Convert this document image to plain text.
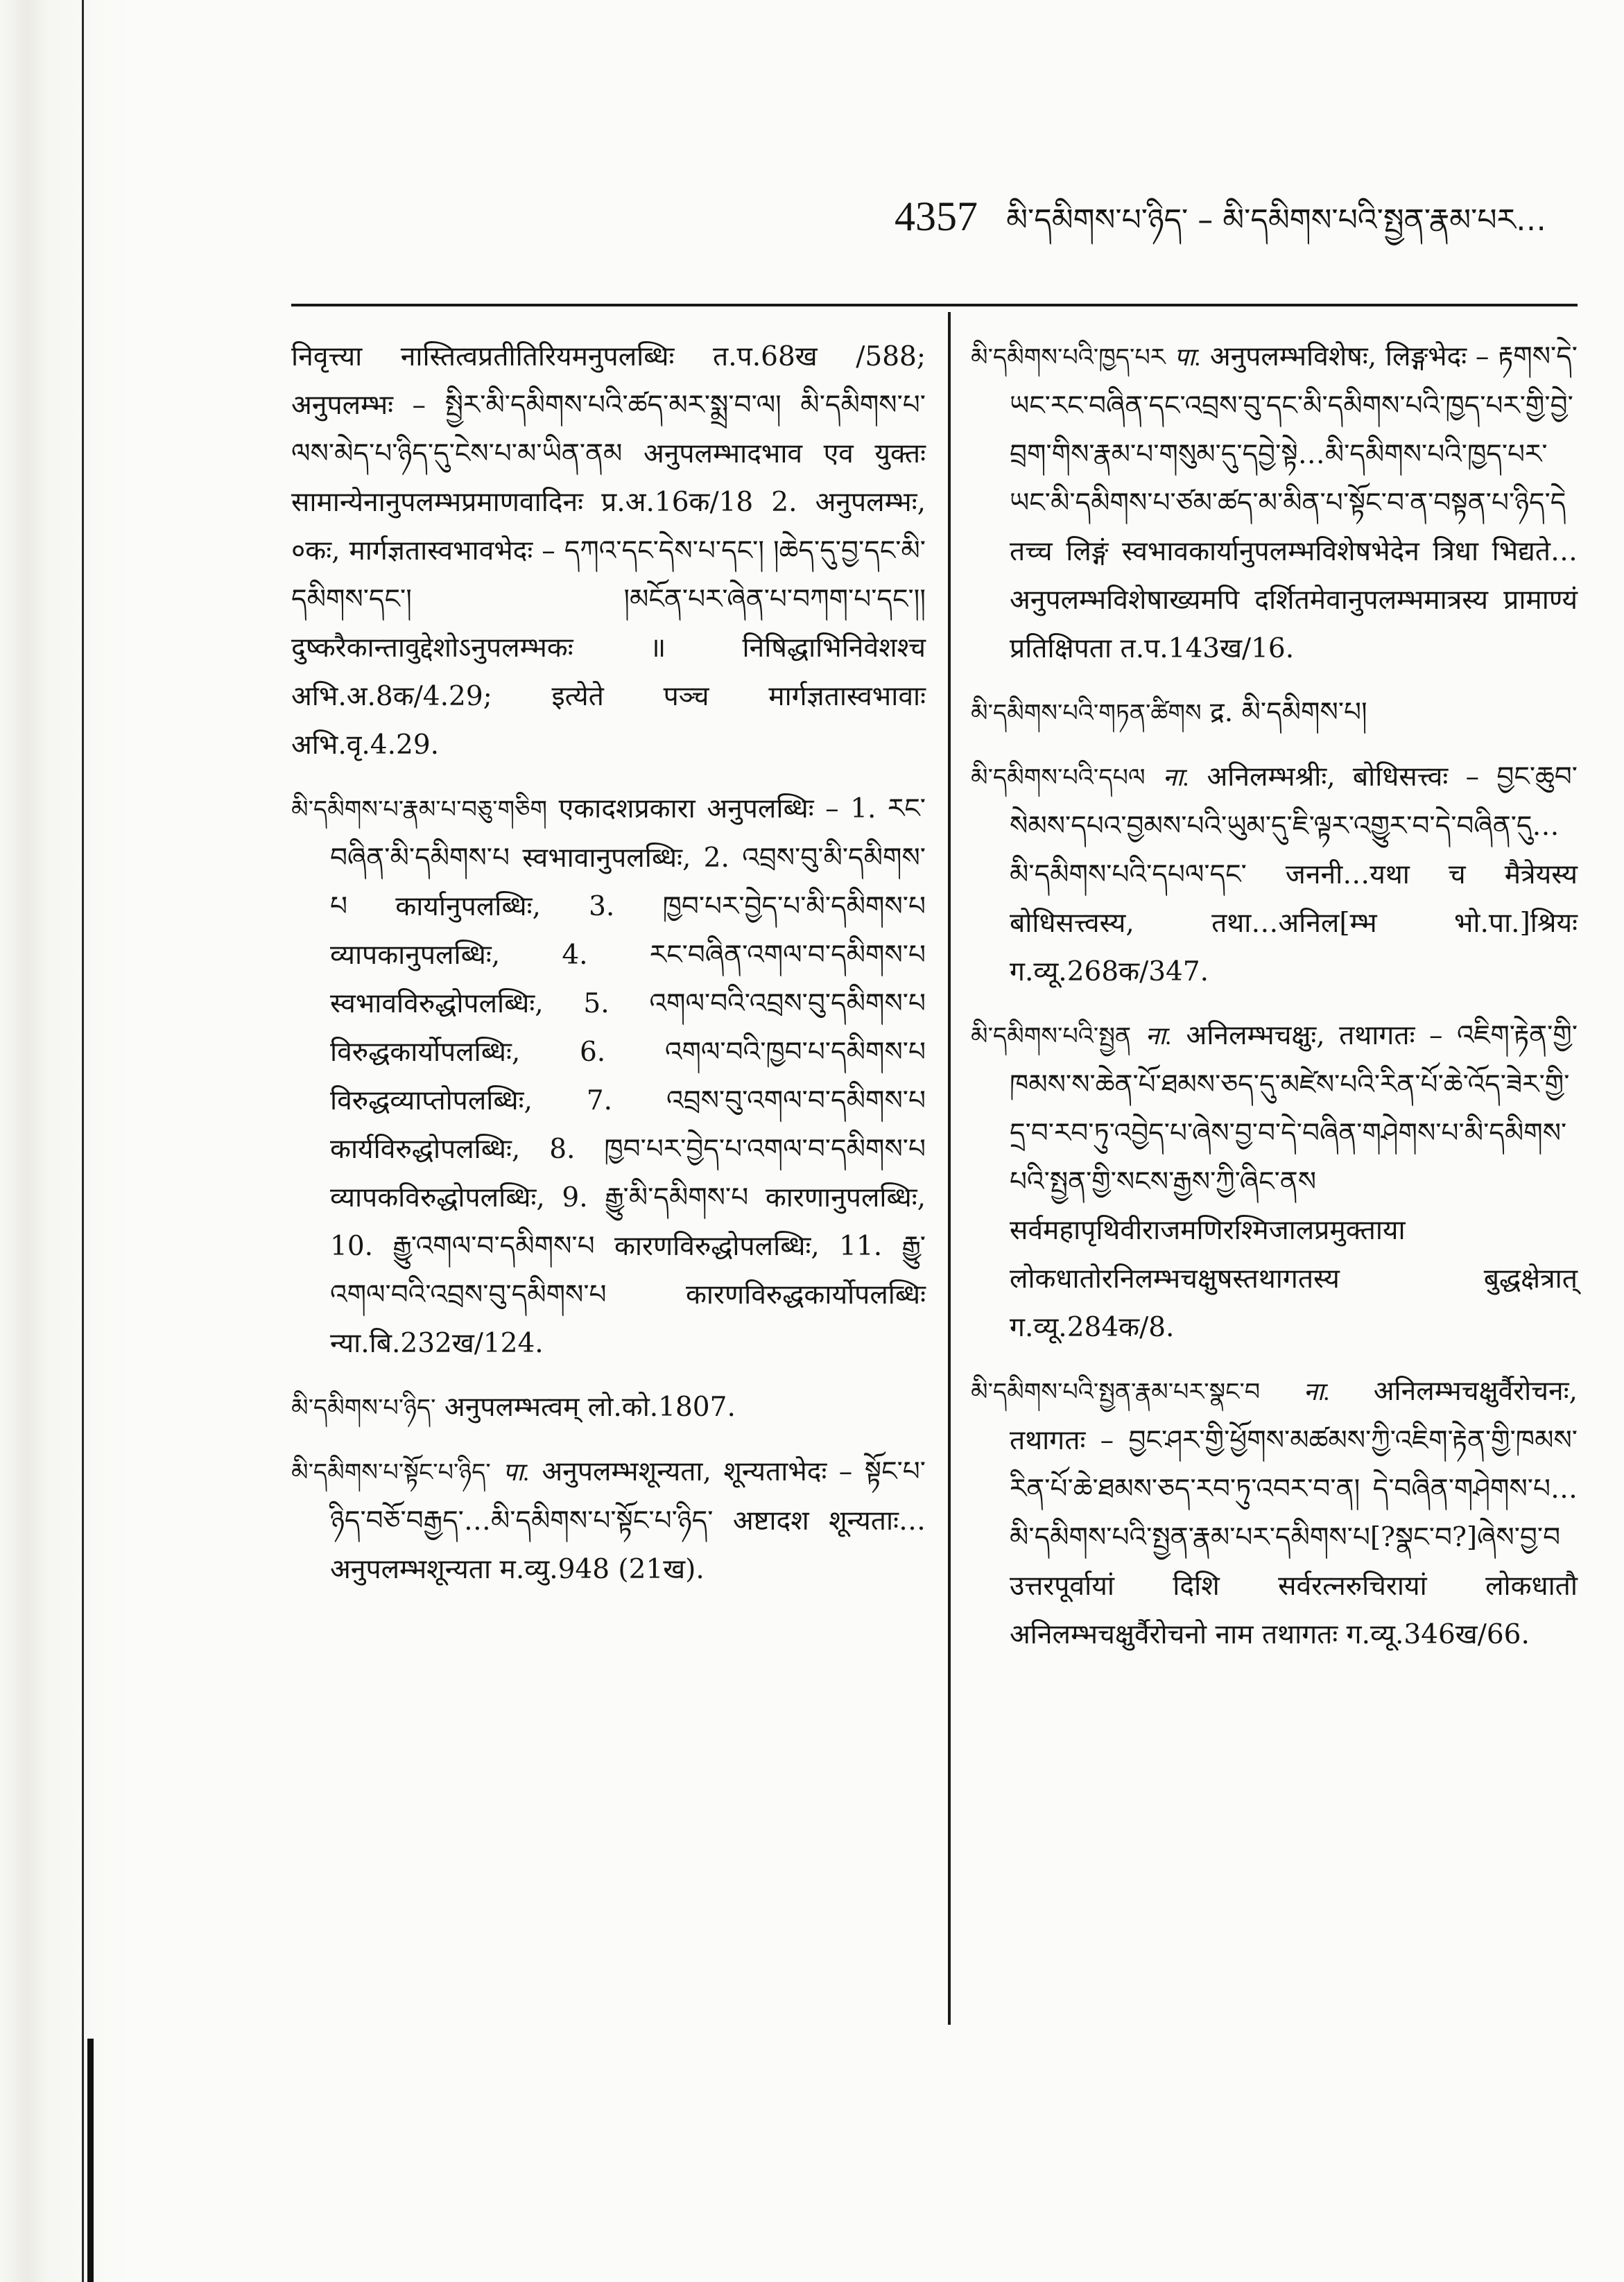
4357 མི་དམིགས་པ་ཉིད་ – མི་དམིགས་པའི་སྤྱན་རྣམ་པར…

निवृत्त्या नास्तित्वप्रतीतिरियमनुपलब्धिः त.प.68ख /588; अनुपलम्भः – སྤྱིར་མི་དམིགས་པའི་ཚད་མར་སྨྲ་བ་ལ། མི་དམིགས་པ་ལས་མེད་པ་ཉིད་དུ་ངེས་པ་མ་ཡིན་ནམ अनुपलम्भादभाव एव युक्तः सामान्येनानुपलम्भप्रमाणवादिनः प्र.अ.16क/18 2. अनुपलम्भः, ०कः, मार्गज्ञतास्वभावभेदः – དཀའ་དང་དེས་པ་དང་། །ཆེད་དུ་བྱ་དང་མི་དམིགས་དང་། །མངོན་པར་ཞེན་པ་བཀག་པ་དང་།། दुष्करैकान्तावुद्देशोऽनुपलम्भकः ॥ निषिद्धाभिनिवेशश्च अभि.अ.8क/4.29; इत्येते पञ्च मार्गज्ञतास्वभावाः अभि.वृ.4.29.

མི་དམིགས་པ་རྣམ་པ་བཅུ་གཅིག एकादशप्रकारा अनुपलब्धिः – 1. རང་བཞིན་མི་དམིགས་པ स्वभावानुपलब्धिः, 2. འབྲས་བུ་མི་དམིགས་པ कार्यानुपलब्धिः, 3. ཁྱབ་པར་བྱེད་པ་མི་དམིགས་པ व्यापकानुपलब्धिः, 4. རང་བཞིན་འགལ་བ་དམིགས་པ स्वभावविरुद्धोपलब्धिः, 5. འགལ་བའི་འབྲས་བུ་དམིགས་པ विरुद्धकार्योपलब्धिः, 6. འགལ་བའི་ཁྱབ་པ་དམིགས་པ विरुद्धव्याप्तोपलब्धिः, 7. འབྲས་བུ་འགལ་བ་དམིགས་པ कार्यविरुद्धोपलब्धिः, 8. ཁྱབ་པར་བྱེད་པ་འགལ་བ་དམིགས་པ व्यापकविरुद्धोपलब्धिः, 9. རྒྱུ་མི་དམིགས་པ कारणानुपलब्धिः, 10. རྒྱུ་འགལ་བ་དམིགས་པ कारणविरुद्धोपलब्धिः, 11. རྒྱུ་འགལ་བའི་འབྲས་བུ་དམིགས་པ कारणविरुद्धकार्योपलब्धिः न्या.बि.232ख/124.

མི་དམིགས་པ་ཉིད་ अनुपलम्भत्वम् लो.को.1807.

མི་དམིགས་པ་སྟོང་པ་ཉིད་ पा. अनुपलम्भशून्यता, शून्यताभेदः – སྟོང་པ་ཉིད་བཅོ་བརྒྱད་…མི་དམིགས་པ་སྟོང་པ་ཉིད་ अष्टादश शून्यताः…अनुपलम्भशून्यता म.व्यु.948 (21ख).

མི་དམིགས་པའི་ཁྱད་པར पा. अनुपलम्भविशेषः, लिङ्गभेदः – རྟགས་དེ་ཡང་རང་བཞིན་དང་འབྲས་བུ་དང་མི་དམིགས་པའི་ཁྱད་པར་གྱི་བྱེ་བྲག་གིས་རྣམ་པ་གསུམ་དུ་དབྱེ་སྟེ…མི་དམིགས་པའི་ཁྱད་པར་ཡང་མི་དམིགས་པ་ཙམ་ཚད་མ་མིན་པ་སྟོང་བ་ན་བསྟན་པ་ཉིད་དེ तच्च लिङ्गं स्वभावकार्यानुपलम्भविशेषभेदेन त्रिधा भिद्यते…अनुपलम्भविशेषाख्यमपि दर्शितमेवानुपलम्भमात्रस्य प्रामाण्यं प्रतिक्षिपता त.प.143ख/16.

མི་དམིགས་པའི་གཏན་ཚིགས द्र. མི་དམིགས་པ།

མི་དམིགས་པའི་དཔལ ना. अनिलम्भश्रीः, बोधिसत्त्वः – བྱང་ཆུབ་སེམས་དཔའ་བྱམས་པའི་ཡུམ་དུ་ཇི་ལྟར་འགྱུར་བ་དེ་བཞིན་དུ…མི་དམིགས་པའི་དཔལ་དང་ जननी…यथा च मैत्रेयस्य बोधिसत्त्वस्य, तथा…अनिल[म्भ भो.पा.]श्रियः ग.व्यू.268क/347.

མི་དམིགས་པའི་སྤྱན ना. अनिलम्भचक्षुः, तथागतः – འཇིག་རྟེན་གྱི་ཁམས་ས་ཆེན་པོ་ཐམས་ཅད་དུ་མཛེས་པའི་རིན་པོ་ཆེ་འོད་ཟེར་གྱི་དྲ་བ་རབ་ཏུ་འབྱེད་པ་ཞེས་བྱ་བ་དེ་བཞིན་གཤེགས་པ་མི་དམིགས་པའི་སྤྱན་གྱི་སངས་རྒྱས་ཀྱི་ཞིང་ནས सर्वमहापृथिवीराजमणिरश्मिजालप्रमुक्ताया लोकधातोरनिलम्भचक्षुषस्तथागतस्य बुद्धक्षेत्रात् ग.व्यू.284क/8.

མི་དམིགས་པའི་སྤྱན་རྣམ་པར་སྣང་བ ना. अनिलम्भचक्षुर्वैरोचनः, तथागतः – བྱང་ཤར་གྱི་ཕྱོགས་མཚམས་ཀྱི་འཇིག་རྟེན་གྱི་ཁམས་རིན་པོ་ཆེ་ཐམས་ཅད་རབ་ཏུ་འབར་བ་ན། དེ་བཞིན་གཤེགས་པ…མི་དམིགས་པའི་སྤྱན་རྣམ་པར་དམིགས་པ[?སྣང་བ?]ཞེས་བྱ་བ उत्तरपूर्वायां दिशि सर्वरत्नरुचिरायां लोकधातौ अनिलम्भचक्षुर्वैरोचनो नाम तथागतः ग.व्यू.346ख/66.
